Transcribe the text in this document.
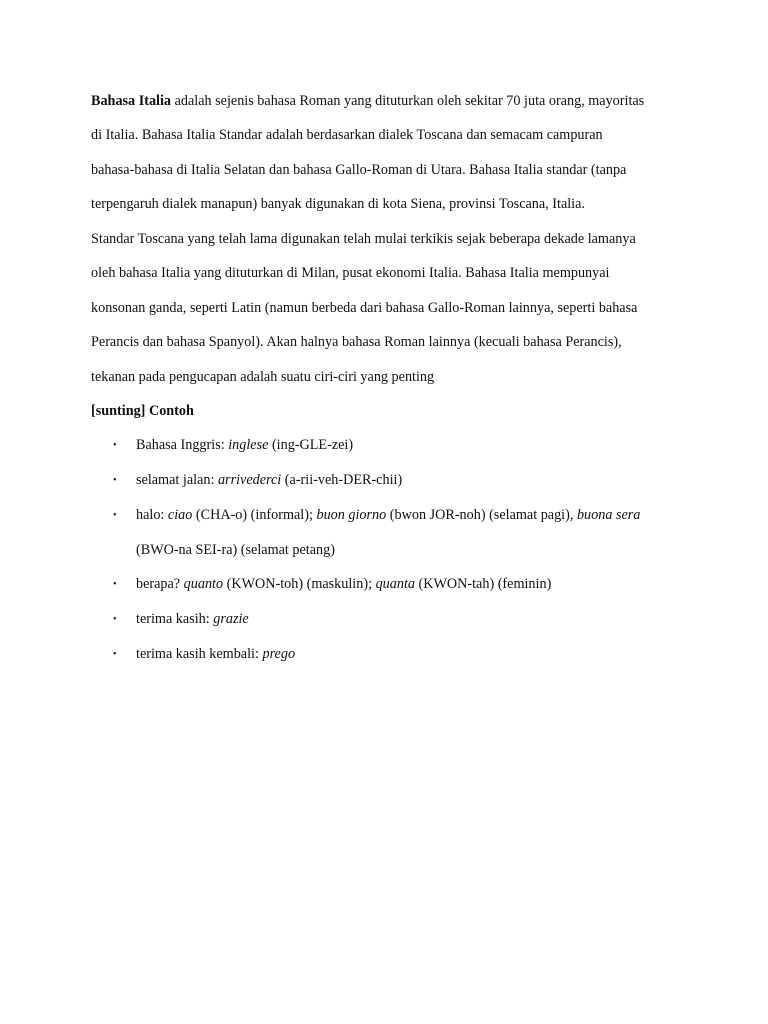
Bahasa Italia adalah sejenis bahasa Roman yang dituturkan oleh sekitar 70 juta orang, mayoritas
di Italia. Bahasa Italia Standar adalah berdasarkan dialek Toscana dan semacam campuran
bahasa-bahasa di Italia Selatan dan bahasa Gallo-Roman di Utara. Bahasa Italia standar (tanpa
terpengaruh dialek manapun) banyak digunakan di kota Siena, provinsi Toscana, Italia.
Standar Toscana yang telah lama digunakan telah mulai terkikis sejak beberapa dekade lamanya
oleh bahasa Italia yang dituturkan di Milan, pusat ekonomi Italia. Bahasa Italia mempunyai
konsonan ganda, seperti Latin (namun berbeda dari bahasa Gallo-Roman lainnya, seperti bahasa
Perancis dan bahasa Spanyol). Akan halnya bahasa Roman lainnya (kecuali bahasa Perancis),
tekanan pada pengucapan adalah suatu ciri-ciri yang penting
[sunting] Contoh
• Bahasa Inggris: inglese (ing-GLE-zei)
• selamat jalan: arrivederci (a-rii-veh-DER-chii)
• halo: ciao (CHA-o) (informal); buon giorno (bwon JOR-noh) (selamat pagi), buona sera
(BWO-na SEI-ra) (selamat petang)
• berapa? quanto (KWON-toh) (maskulin); quanta (KWON-tah) (feminin)
• terima kasih: grazie
• terima kasih kembali: prego
